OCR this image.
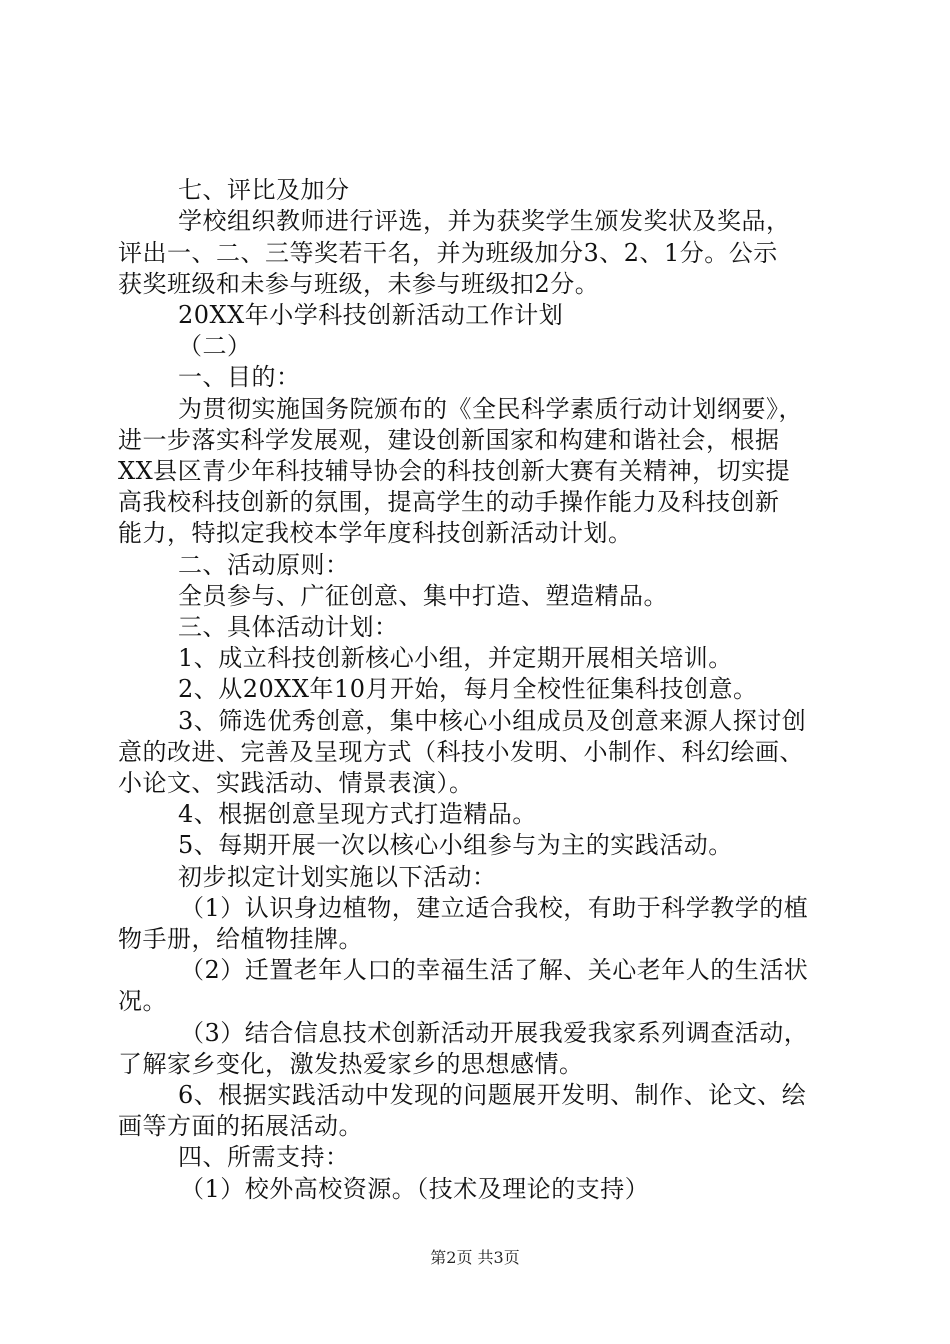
七、评比及加分
学校组织教师进行评选，并为获奖学生颁发奖状及奖品，
评出一、二、三等奖若干名，并为班级加分3、2、1分。公示
获奖班级和未参与班级，未参与班级扣2分。
20XX年小学科技创新活动工作计划
（二）
一、目的：
为贯彻实施国务院颁布的《全民科学素质行动计划纲要》，
进一步落实科学发展观，建设创新国家和构建和谐社会，根据
XX县区青少年科技辅导协会的科技创新大赛有关精神，切实提
高我校科技创新的氛围，提高学生的动手操作能力及科技创新
能力，特拟定我校本学年度科技创新活动计划。
二、活动原则：
全员参与、广征创意、集中打造、塑造精品。
三、具体活动计划：
1、成立科技创新核心小组，并定期开展相关培训。
2、从20XX年10月开始，每月全校性征集科技创意。
3、筛选优秀创意，集中核心小组成员及创意来源人探讨创
意的改进、完善及呈现方式（科技小发明、小制作、科幻绘画、
小论文、实践活动、情景表演）。
4、根据创意呈现方式打造精品。
5、每期开展一次以核心小组参与为主的实践活动。
初步拟定计划实施以下活动：
（1）认识身边植物，建立适合我校，有助于科学教学的植
物手册，给植物挂牌。
（2）迁置老年人口的幸福生活了解、关心老年人的生活状
况。
（3）结合信息技术创新活动开展我爱我家系列调查活动，
了解家乡变化，激发热爱家乡的思想感情。
6、根据实践活动中发现的问题展开发明、制作、论文、绘
画等方面的拓展活动。
四、所需支持：
（1）校外高校资源。（技术及理论的支持）
第2页 共3页
